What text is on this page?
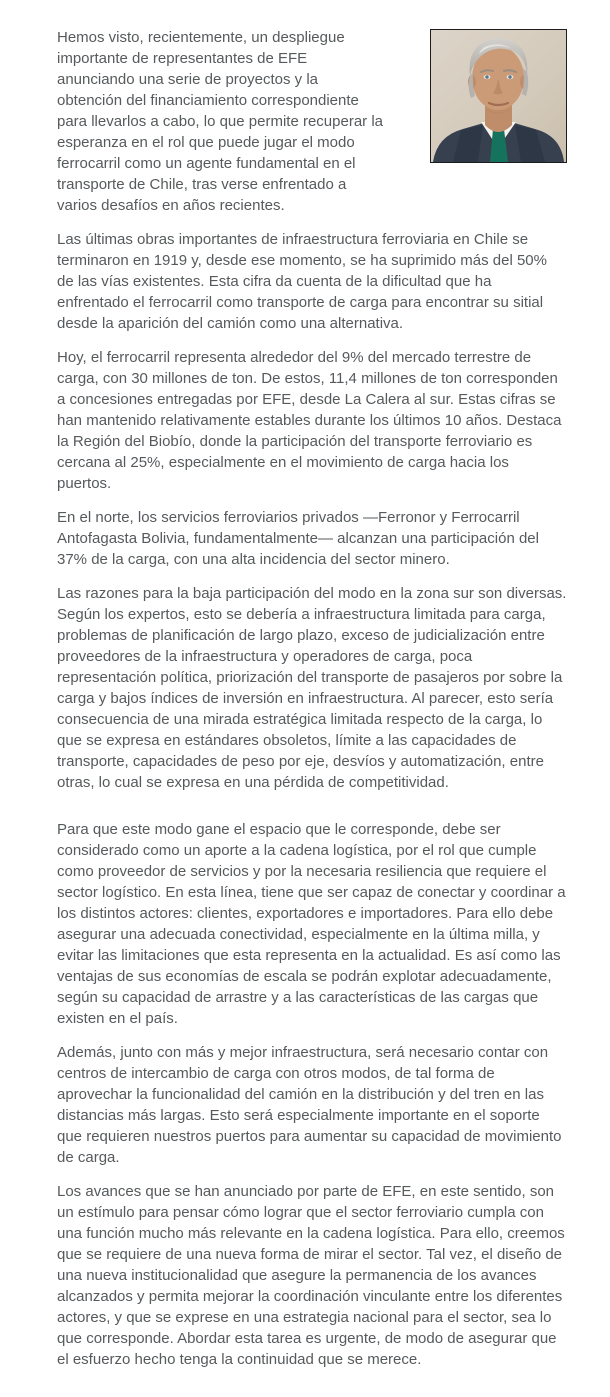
Hemos visto, recientemente, un despliegue importante de representantes de EFE anunciando una serie de proyectos y la obtención del financiamiento correspondiente para llevarlos a cabo, lo que permite recuperar la esperanza en el rol que puede jugar el modo ferrocarril como un agente fundamental en el transporte de Chile, tras verse enfrentado a varios desafíos en años recientes.

Las últimas obras importantes de infraestructura ferroviaria en Chile se terminaron en 1919 y, desde ese momento, se ha suprimido más del 50% de las vías existentes. Esta cifra da cuenta de la dificultad que ha enfrentado el ferrocarril como transporte de carga para encontrar su sitial desde la aparición del camión como una alternativa.

Hoy, el ferrocarril representa alrededor del 9% del mercado terrestre de carga, con 30 millones de ton. De estos, 11,4 millones de ton corresponden a concesiones entregadas por EFE, desde La Calera al sur. Estas cifras se han mantenido relativamente estables durante los últimos 10 años. Destaca la Región del Biobío, donde la participación del transporte ferroviario es cercana al 25%, especialmente en el movimiento de carga hacia los puertos.

En el norte, los servicios ferroviarios privados —Ferronor y Ferrocarril Antofagasta Bolivia, fundamentalmente— alcanzan una participación del 37% de la carga, con una alta incidencia del sector minero.

Las razones para la baja participación del modo en la zona sur son diversas. Según los expertos, esto se debería a infraestructura limitada para carga, problemas de planificación de largo plazo, exceso de judicialización entre proveedores de la infraestructura y operadores de carga, poca representación política, priorización del transporte de pasajeros por sobre la carga y bajos índices de inversión en infraestructura. Al parecer, esto sería consecuencia de una mirada estratégica limitada respecto de la carga, lo que se expresa en estándares obsoletos, límite a las capacidades de transporte, capacidades de peso por eje, desvíos y automatización, entre otras, lo cual se expresa en una pérdida de competitividad.

Para que este modo gane el espacio que le corresponde, debe ser considerado como un aporte a la cadena logística, por el rol que cumple como proveedor de servicios y por la necesaria resiliencia que requiere el sector logístico. En esta línea, tiene que ser capaz de conectar y coordinar a los distintos actores: clientes, exportadores e importadores. Para ello debe asegurar una adecuada conectividad, especialmente en la última milla, y evitar las limitaciones que esta representa en la actualidad. Es así como las ventajas de sus economías de escala se podrán explotar adecuadamente, según su capacidad de arrastre y a las características de las cargas que existen en el país.

Además, junto con más y mejor infraestructura, será necesario contar con centros de intercambio de carga con otros modos, de tal forma de aprovechar la funcionalidad del camión en la distribución y del tren en las distancias más largas. Esto será especialmente importante en el soporte que requieren nuestros puertos para aumentar su capacidad de movimiento de carga.

Los avances que se han anunciado por parte de EFE, en este sentido, son un estímulo para pensar cómo lograr que el sector ferroviario cumpla con una función mucho más relevante en la cadena logística. Para ello, creemos que se requiere de una nueva forma de mirar el sector. Tal vez, el diseño de una nueva institucionalidad que asegure la permanencia de los avances alcanzados y permita mejorar la coordinación vinculante entre los diferentes actores, y que se exprese en una estrategia nacional para el sector, sea lo que corresponde. Abordar esta tarea es urgente, de modo de asegurar que el esfuerzo hecho tenga la continuidad que se merece.
